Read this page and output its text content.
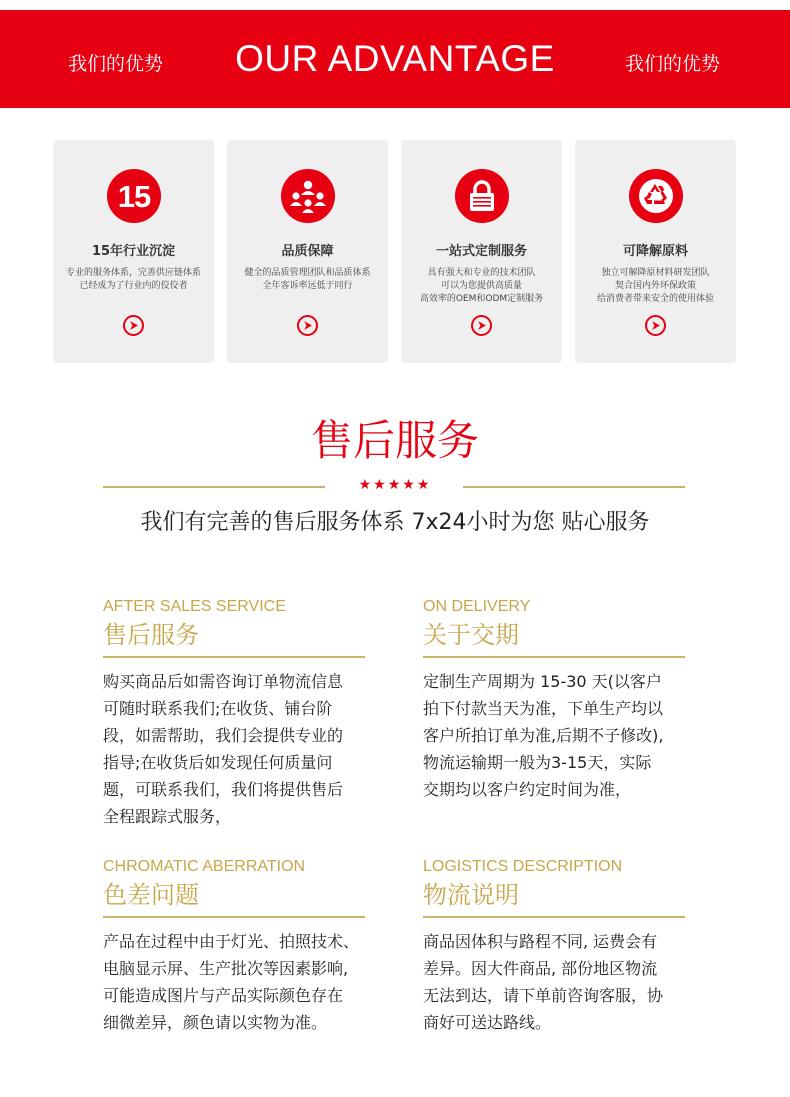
我们的优势	OUR ADVANTAGE	我们的优势
15
15年行业沉淀
专业的服务体系，完善供应链体系
已经成为了行业内的佼佼者
品质保障
健全的品质管理团队和品质体系
全年客诉率远低于同行
一站式定制服务
具有强大和专业的技术团队
可以为您提供高质量
高效率的OEM和ODM定制服务
可降解原料
独立可解降原材料研发团队
契合国内外环保政策
给消费者带来安全的使用体验
售后服务
★★★★★
我们有完善的售后服务体系 7x24小时为您 贴心服务
AFTER SALES SERVICE
售后服务
购买商品后如需咨询订单物流信息
可随时联系我们;在收货、铺台阶
段，如需帮助，我们会提供专业的
指导;在收货后如发现任何质量问
题，可联系我们，我们将提供售后
全程跟踪式服务，
ON DELIVERY
关于交期
定制生产周期为 15-30 天(以客户
拍下付款当天为准，下单生产均以
客户所拍订单为准,后期不子修改),
物流运输期一般为3-15天，实际
交期均以客户约定时间为准，
CHROMATIC ABERRATION
色差问题
产品在过程中由于灯光、拍照技术、
电脑显示屏、生产批次等因素影响,
可能造成图片与产品实际颜色存在
细微差异，颜色请以实物为准。
LOGISTICS DESCRIPTION
物流说明
商品因体积与路程不同, 运费会有
差异。因大件商品, 部份地区物流
无法到达，请下单前咨询客服，协
商好可送达路线。
